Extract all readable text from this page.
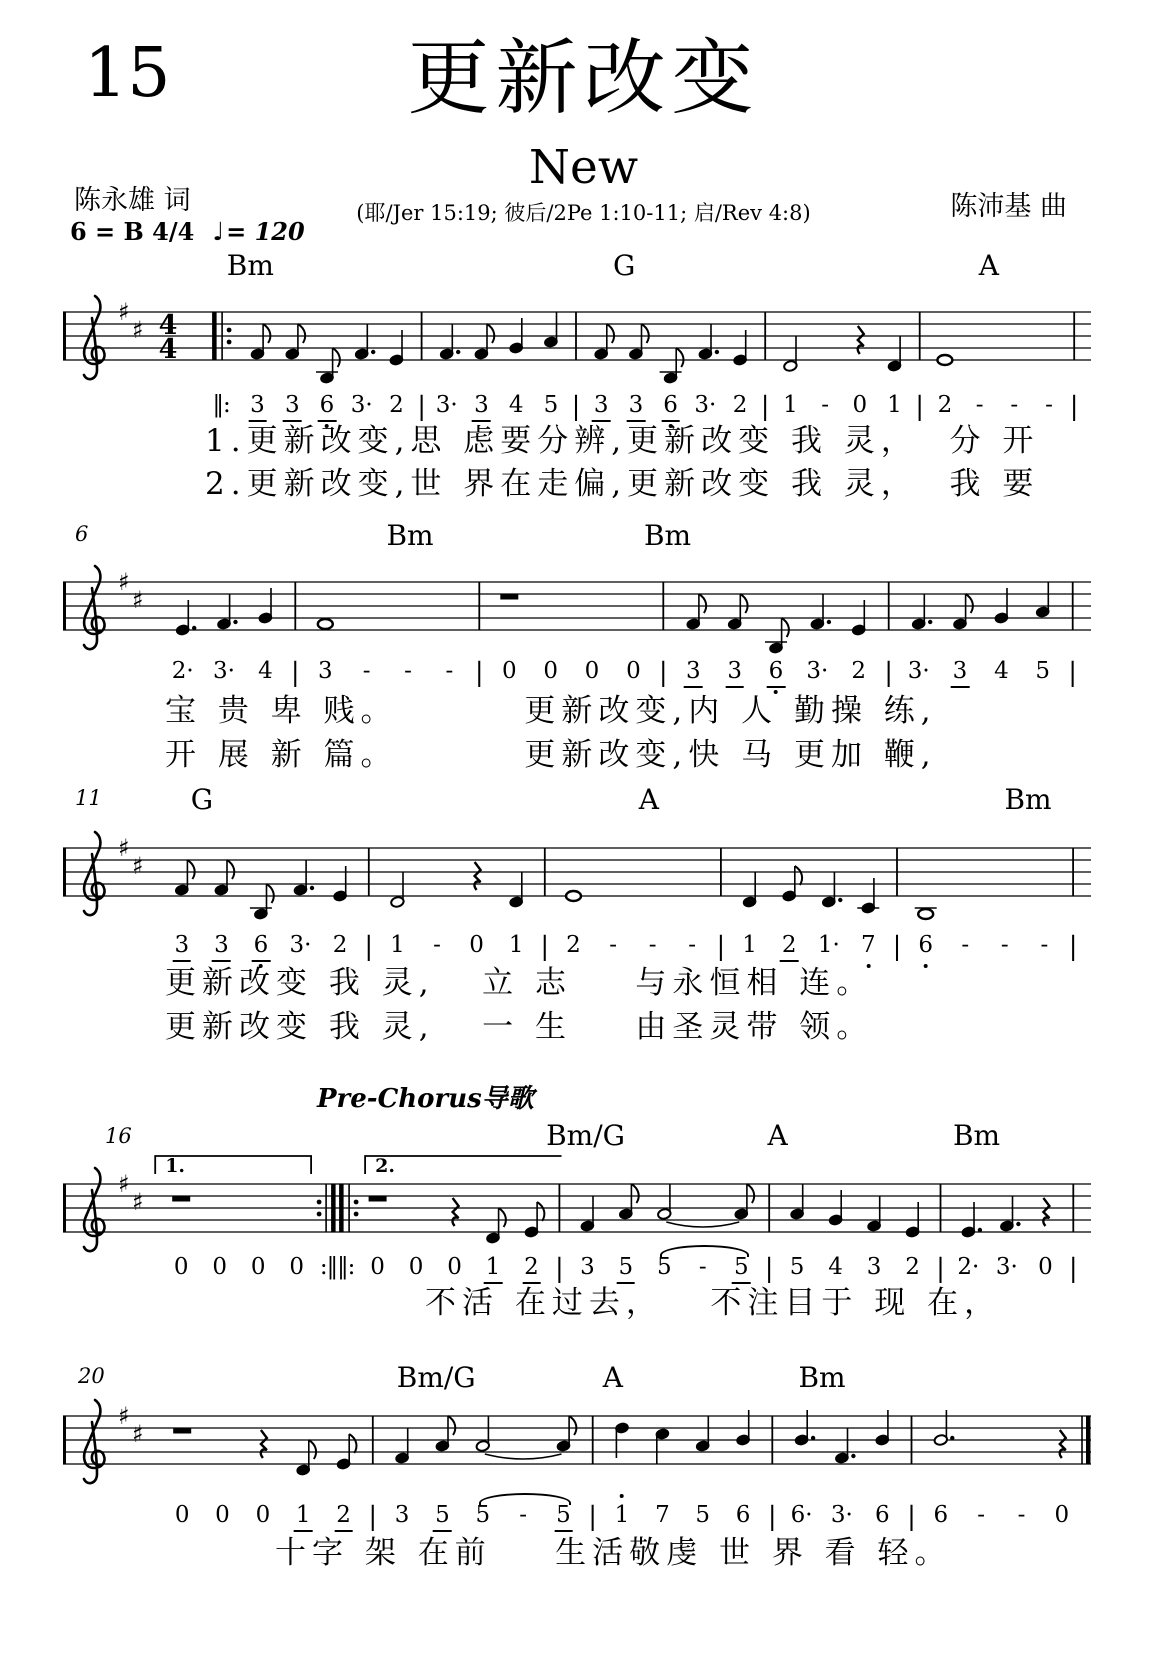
15	更新改变
New
陈永雄 词	(耶/Jer 15:19; 彼后/2Pe 1:10-11; 启/Rev 4:8)	陈沛基 曲
6 = B 4/4 ♩= 120
Bm	G	A
♯
♯ 4
4
‖: 3 3 6 3· 2 | 3· 3 4 5 | 3 3 6 3· 2 | 1 - 0 1 | 2 - - - |
1.更新改变,思 虑要分辨,更新改变 我 灵，  分 开
2.更新改变,世 界在走偏,更新改变 我 灵，  我 要
6	Bm	Bm
♯
♯
2· 3· 4 | 3 - - - | 0 0 0 0 | 3 3 6 3· 2 | 3· 3 4 5 |
宝 贵 卑 贱。        更新改变,内 人 勤操 练,
开 展 新 篇。        更新改变,快 马 更加 鞭,
11	G	A	Bm
♯
♯
3 3 6 3· 2 | 1 - 0 1 | 2 - - - | 1 2 1· 7 | 6 - - - |
更新改变 我 灵,   立 志    与永恒相 连。
更新改变 我 灵,   一 生    由圣灵带 领。
Pre-Chorus导歌
16	Bm/G	A	Bm
♯
♯
1.	2.
0 0 0 0 :‖‖: 0 0 0 1 2 | 3 5 5 - 5 | 5 4 3 2 | 2· 3· 0 |
不活 在过去，   不注目于 现 在，
20	Bm/G	A	Bm
♯
♯
0 0 0 1 2 | 3 5 5 - 5 | 1 7 5 6 | 6· 3· 6 | 6 - - 0
十字 架 在前    生活敬虔 世 界 看 轻。
